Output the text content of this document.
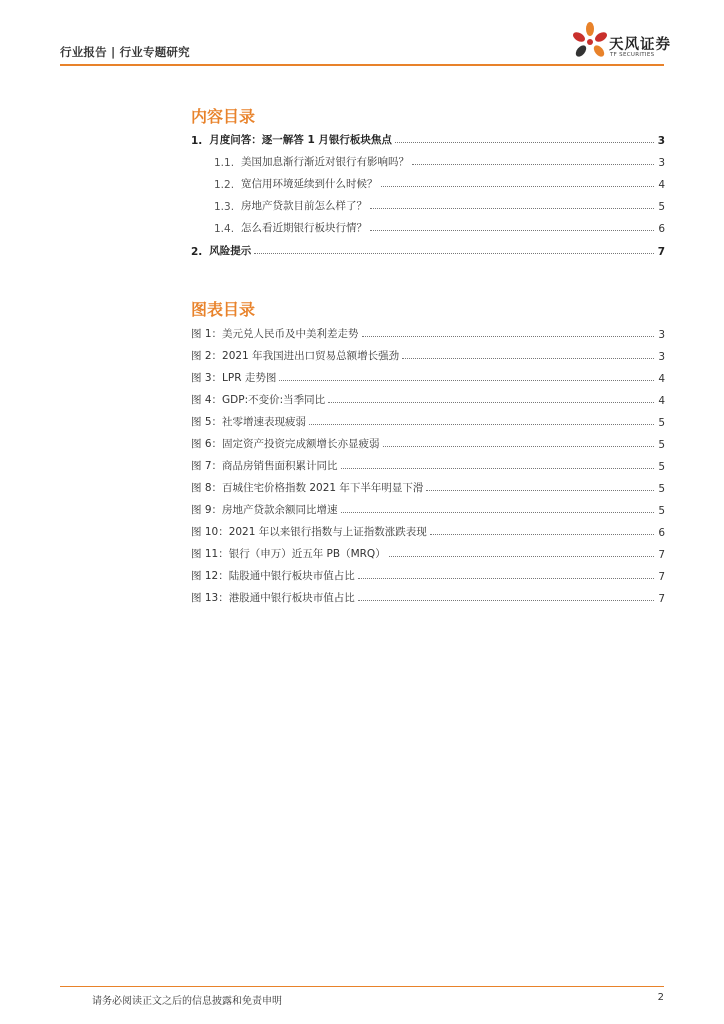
行业报告 | 行业专题研究	天风证券
TF SECURITIES
内容目录
1. 月度问答：逐一解答 1 月银行板块焦点	3
1.1. 美国加息渐行渐近对银行有影响吗？	3
1.2. 宽信用环境延续到什么时候？	4
1.3. 房地产贷款目前怎么样了？	5
1.4. 怎么看近期银行板块行情？	6
2. 风险提示	7
图表目录
图 1：美元兑人民币及中美利差走势	3
图 2：2021 年我国进出口贸易总额增长强劲	3
图 3：LPR 走势图	4
图 4：GDP:不变价:当季同比	4
图 5：社零增速表现疲弱	5
图 6：固定资产投资完成额增长亦显疲弱	5
图 7：商品房销售面积累计同比	5
图 8：百城住宅价格指数 2021 年下半年明显下滑	5
图 9：房地产贷款余额同比增速	5
图 10：2021 年以来银行指数与上证指数涨跌表现	6
图 11：银行（申万）近五年 PB（MRQ）	7
图 12：陆股通中银行板块市值占比	7
图 13：港股通中银行板块市值占比	7
请务必阅读正文之后的信息披露和免责申明	2
